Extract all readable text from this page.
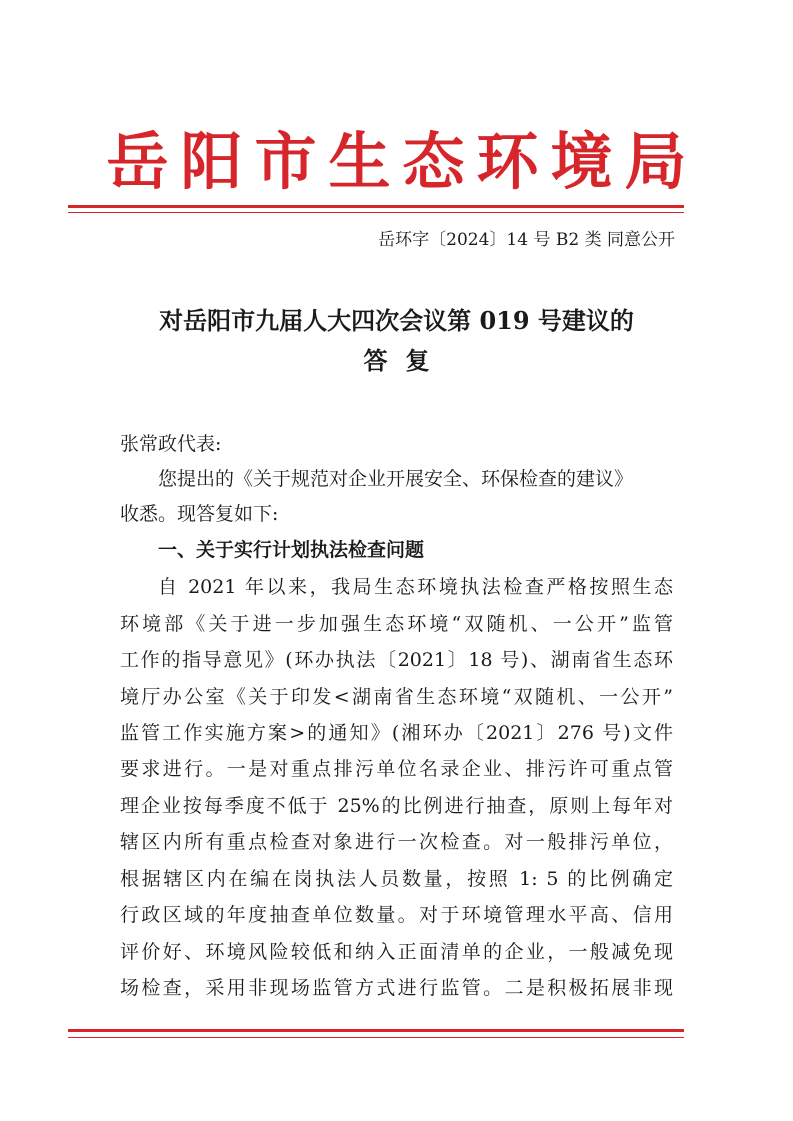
岳阳市生态环境局
岳环字〔2024〕14 号 B2 类 同意公开
对岳阳市九届人大四次会议第 019 号建议的
答复
张常政代表:
您提出的《关于规范对企业开展安全、环保检查的建议》
收悉。现答复如下:
一、关于实行计划执法检查问题
自 2021 年以来，我局生态环境执法检查严格按照生态
环境部《关于进一步加强生态环境“双随机、一公开”监管
工作的指导意见》(环办执法〔2021〕18 号)、湖南省生态环
境厅办公室《关于印发<湖南省生态环境“双随机、一公开”
监管工作实施方案>的通知》(湘环办〔2021〕276 号)文件
要求进行。一是对重点排污单位名录企业、排污许可重点管
理企业按每季度不低于 25%的比例进行抽查，原则上每年对
辖区内所有重点检查对象进行一次检查。对一般排污单位，
根据辖区内在编在岗执法人员数量，按照 1: 5 的比例确定
行政区域的年度抽查单位数量。对于环境管理水平高、信用
评价好、环境风险较低和纳入正面清单的企业，一般减免现
场检查，采用非现场监管方式进行监管。二是积极拓展非现
